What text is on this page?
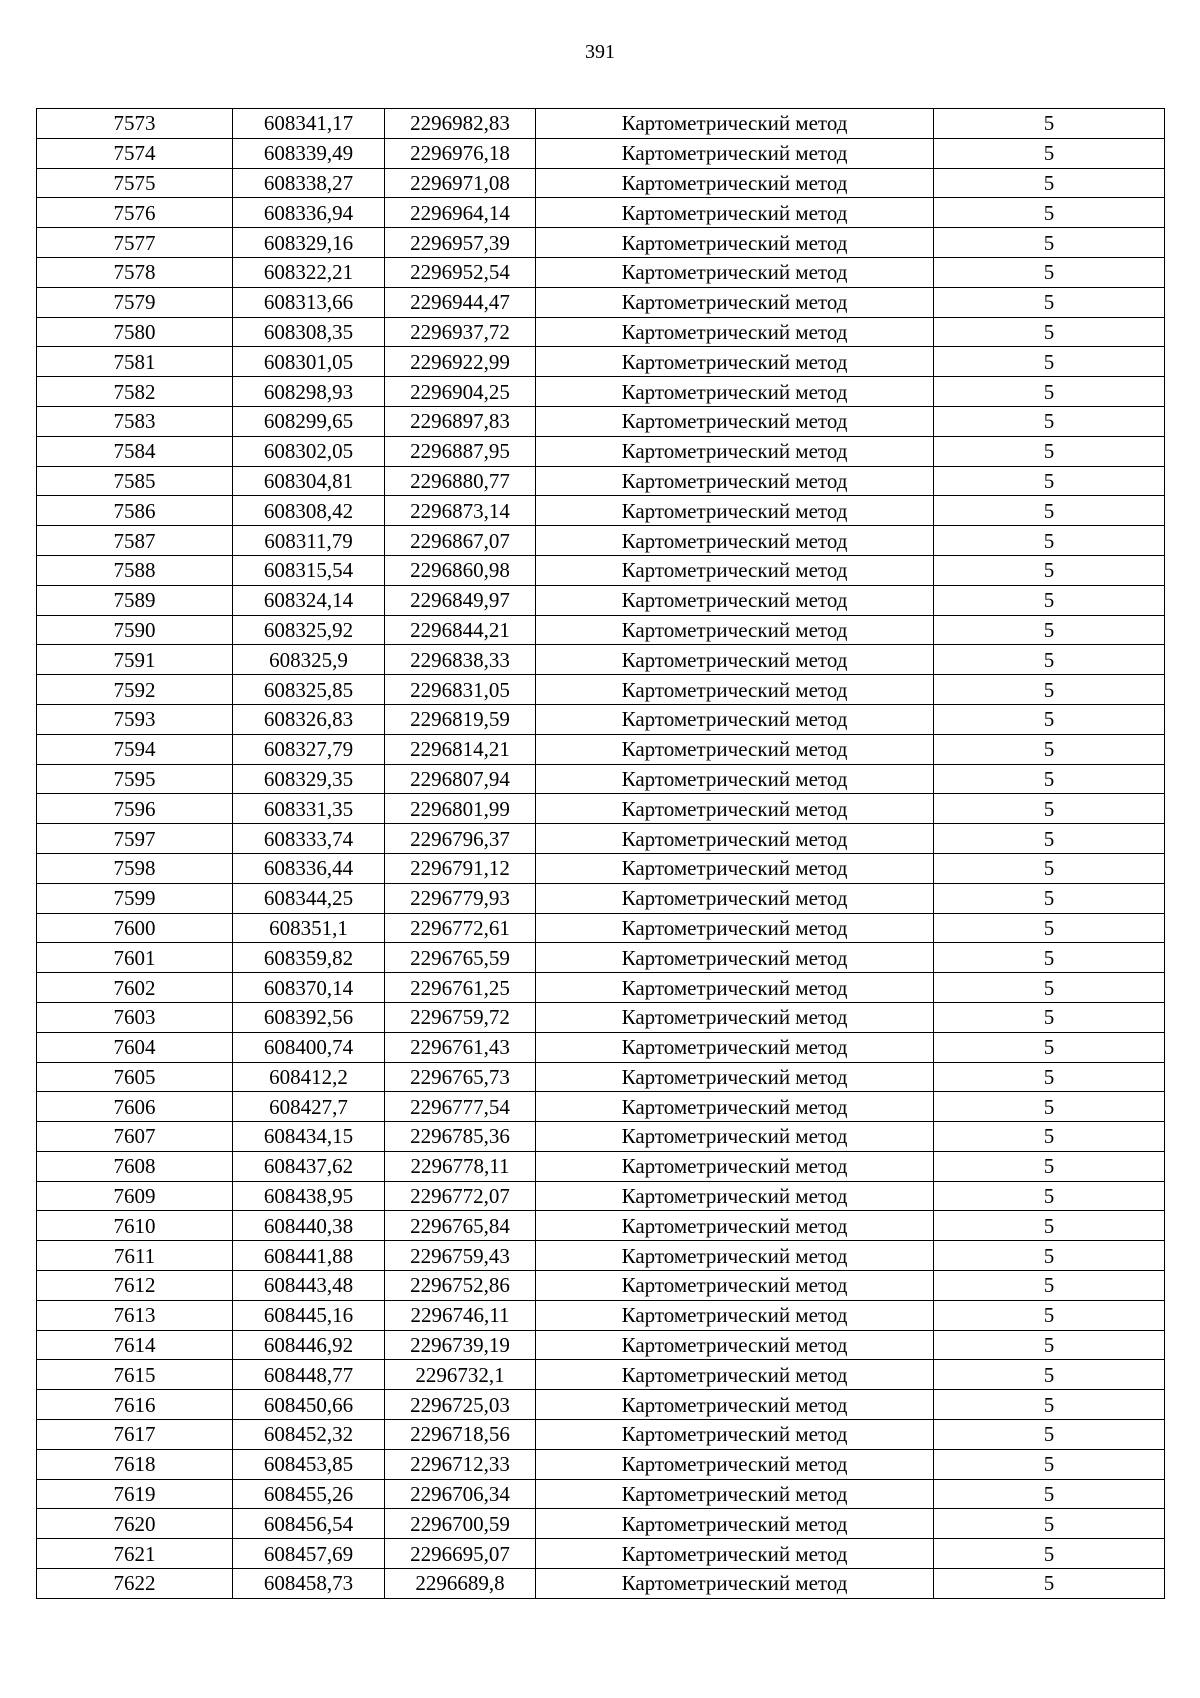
391
7573	608341,17	2296982,83	Картометрический метод	5
7574	608339,49	2296976,18	Картометрический метод	5
7575	608338,27	2296971,08	Картометрический метод	5
7576	608336,94	2296964,14	Картометрический метод	5
7577	608329,16	2296957,39	Картометрический метод	5
7578	608322,21	2296952,54	Картометрический метод	5
7579	608313,66	2296944,47	Картометрический метод	5
7580	608308,35	2296937,72	Картометрический метод	5
7581	608301,05	2296922,99	Картометрический метод	5
7582	608298,93	2296904,25	Картометрический метод	5
7583	608299,65	2296897,83	Картометрический метод	5
7584	608302,05	2296887,95	Картометрический метод	5
7585	608304,81	2296880,77	Картометрический метод	5
7586	608308,42	2296873,14	Картометрический метод	5
7587	608311,79	2296867,07	Картометрический метод	5
7588	608315,54	2296860,98	Картометрический метод	5
7589	608324,14	2296849,97	Картометрический метод	5
7590	608325,92	2296844,21	Картометрический метод	5
7591	608325,9	2296838,33	Картометрический метод	5
7592	608325,85	2296831,05	Картометрический метод	5
7593	608326,83	2296819,59	Картометрический метод	5
7594	608327,79	2296814,21	Картометрический метод	5
7595	608329,35	2296807,94	Картометрический метод	5
7596	608331,35	2296801,99	Картометрический метод	5
7597	608333,74	2296796,37	Картометрический метод	5
7598	608336,44	2296791,12	Картометрический метод	5
7599	608344,25	2296779,93	Картометрический метод	5
7600	608351,1	2296772,61	Картометрический метод	5
7601	608359,82	2296765,59	Картометрический метод	5
7602	608370,14	2296761,25	Картометрический метод	5
7603	608392,56	2296759,72	Картометрический метод	5
7604	608400,74	2296761,43	Картометрический метод	5
7605	608412,2	2296765,73	Картометрический метод	5
7606	608427,7	2296777,54	Картометрический метод	5
7607	608434,15	2296785,36	Картометрический метод	5
7608	608437,62	2296778,11	Картометрический метод	5
7609	608438,95	2296772,07	Картометрический метод	5
7610	608440,38	2296765,84	Картометрический метод	5
7611	608441,88	2296759,43	Картометрический метод	5
7612	608443,48	2296752,86	Картометрический метод	5
7613	608445,16	2296746,11	Картометрический метод	5
7614	608446,92	2296739,19	Картометрический метод	5
7615	608448,77	2296732,1	Картометрический метод	5
7616	608450,66	2296725,03	Картометрический метод	5
7617	608452,32	2296718,56	Картометрический метод	5
7618	608453,85	2296712,33	Картометрический метод	5
7619	608455,26	2296706,34	Картометрический метод	5
7620	608456,54	2296700,59	Картометрический метод	5
7621	608457,69	2296695,07	Картометрический метод	5
7622	608458,73	2296689,8	Картометрический метод	5
